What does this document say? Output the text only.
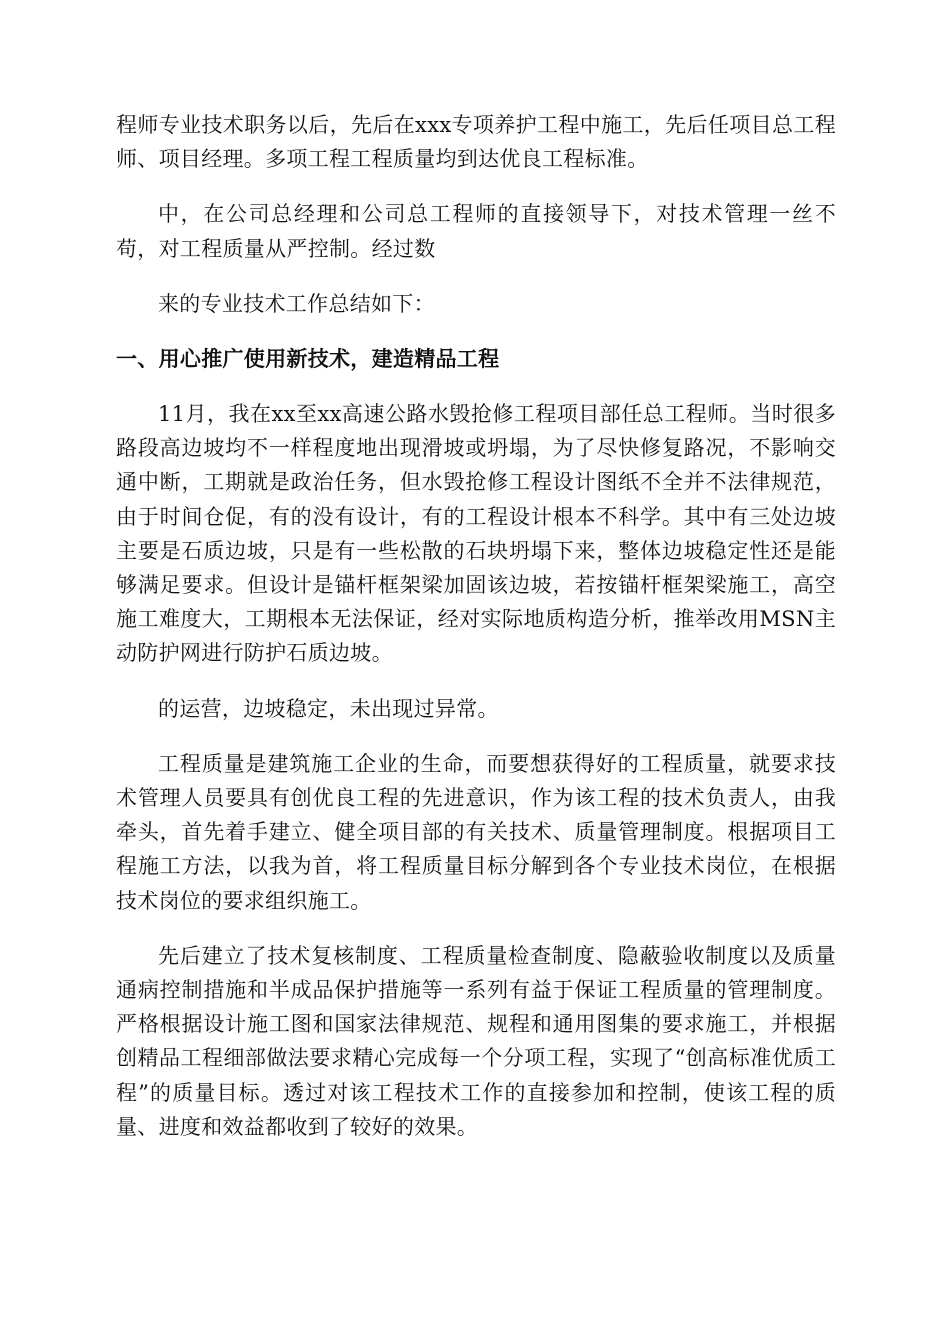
程师专业技术职务以后，先后在xxx专项养护工程中施工，先后任项目总工程师、项目经理。多项工程工程质量均到达优良工程标准。

中，在公司总经理和公司总工程师的直接领导下，对技术管理一丝不苟，对工程质量从严控制。经过数

来的专业技术工作总结如下：

一、用心推广使用新技术，建造精品工程

11月，我在xx至xx高速公路水毁抢修工程项目部任总工程师。当时很多路段高边坡均不一样程度地出现滑坡或坍塌，为了尽快修复路况，不影响交通中断，工期就是政治任务，但水毁抢修工程设计图纸不全并不法律规范，由于时间仓促，有的没有设计，有的工程设计根本不科学。其中有三处边坡主要是石质边坡，只是有一些松散的石块坍塌下来，整体边坡稳定性还是能够满足要求。但设计是锚杆框架梁加固该边坡，若按锚杆框架梁施工，高空施工难度大，工期根本无法保证，经对实际地质构造分析，推举改用MSN主动防护网进行防护石质边坡。

的运营，边坡稳定，未出现过异常。

工程质量是建筑施工企业的生命，而要想获得好的工程质量，就要求技术管理人员要具有创优良工程的先进意识，作为该工程的技术负责人，由我牵头，首先着手建立、健全项目部的有关技术、质量管理制度。根据项目工程施工方法，以我为首，将工程质量目标分解到各个专业技术岗位，在根据技术岗位的要求组织施工。

先后建立了技术复核制度、工程质量检查制度、隐蔽验收制度以及质量通病控制措施和半成品保护措施等一系列有益于保证工程质量的管理制度。严格根据设计施工图和国家法律规范、规程和通用图集的要求施工，并根据创精品工程细部做法要求精心完成每一个分项工程，实现了“创高标准优质工程”的质量目标。透过对该工程技术工作的直接参加和控制，使该工程的质量、进度和效益都收到了较好的效果。
